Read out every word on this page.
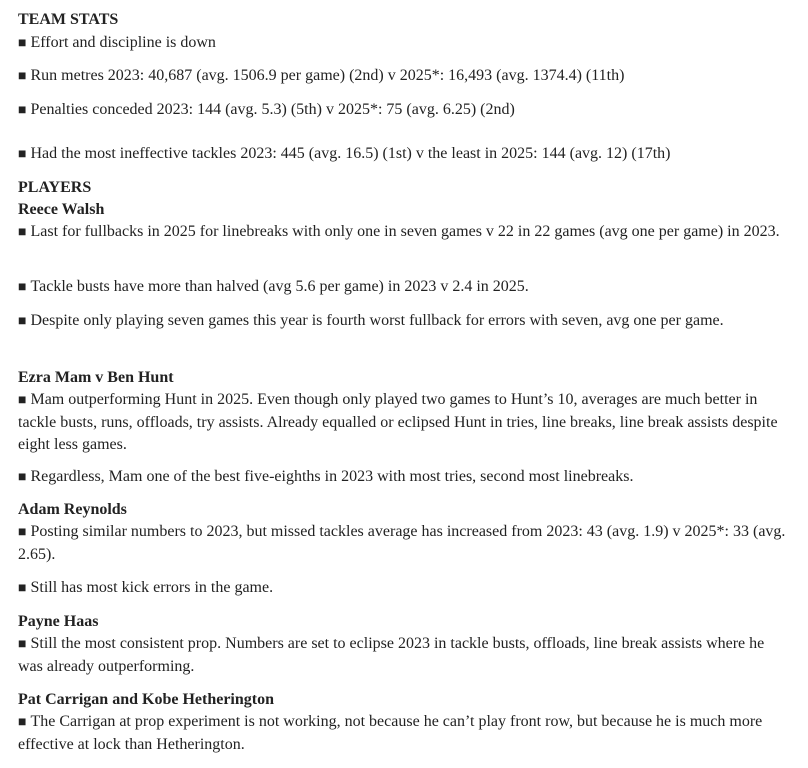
TEAM STATS

■ Effort and discipline is down

■ Run metres 2023: 40,687 (avg. 1506.9 per game) (2nd) v 2025*: 16,493 (avg. 1374.4) (11th)

■ Penalties conceded 2023: 144 (avg. 5.3) (5th) v 2025*: 75 (avg. 6.25) (2nd)

■ Had the most ineffective tackles 2023: 445 (avg. 16.5) (1st) v the least in 2025: 144 (avg. 12) (17th)

PLAYERS
Reece Walsh

■ Last for fullbacks in 2025 for linebreaks with only one in seven games v 22 in 22 games (avg one per game) in 2023.

■ Tackle busts have more than halved (avg 5.6 per game) in 2023 v 2.4 in 2025.

■ Despite only playing seven games this year is fourth worst fullback for errors with seven, avg one per game.

Ezra Mam v Ben Hunt

■ Mam outperforming Hunt in 2025. Even though only played two games to Hunt’s 10, averages are much better in tackle busts, runs, offloads, try assists. Already equalled or eclipsed Hunt in tries, line breaks, line break assists despite eight less games.

■ Regardless, Mam one of the best five-eighths in 2023 with most tries, second most linebreaks.

Adam Reynolds

■ Posting similar numbers to 2023, but missed tackles average has increased from 2023: 43 (avg. 1.9) v 2025*: 33 (avg. 2.65).

■ Still has most kick errors in the game.

Payne Haas

■ Still the most consistent prop. Numbers are set to eclipse 2023 in tackle busts, offloads, line break assists where he was already outperforming.

Pat Carrigan and Kobe Hetherington

■ The Carrigan at prop experiment is not working, not because he can’t play front row, but because he is much more effective at lock than Hetherington.
